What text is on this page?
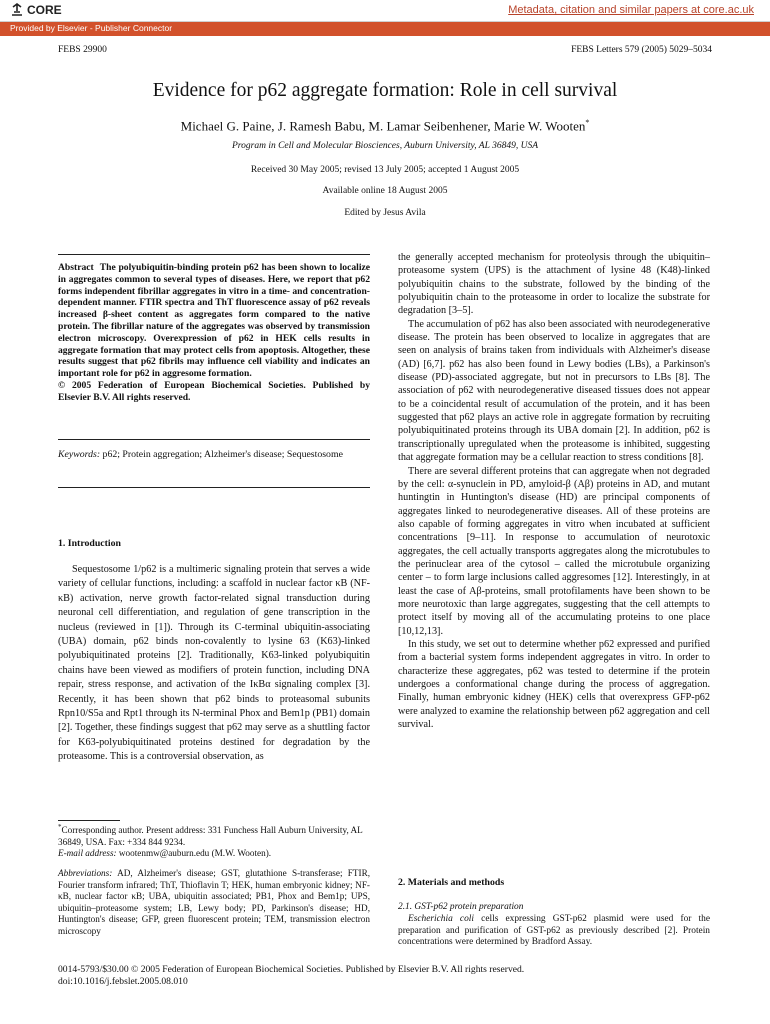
CORE	Metadata, citation and similar papers at core.ac.uk
Provided by Elsevier - Publisher Connector
FEBS 29900	FEBS Letters 579 (2005) 5029–5034
Evidence for p62 aggregate formation: Role in cell survival
Michael G. Paine, J. Ramesh Babu, M. Lamar Seibenhener, Marie W. Wooten*
Program in Cell and Molecular Biosciences, Auburn University, AL 36849, USA
Received 30 May 2005; revised 13 July 2005; accepted 1 August 2005
Available online 18 August 2005
Edited by Jesus Avila
Abstract The polyubiquitin-binding protein p62 has been shown to localize in aggregates common to several types of diseases. Here, we report that p62 forms independent fibrillar aggregates in vitro in a time- and concentration-dependent manner. FTIR spectra and ThT fluorescence assay of p62 reveals increased β-sheet content as aggregates form compared to the native protein. The fibrillar nature of the aggregates was observed by transmission electron microscopy. Overexpression of p62 in HEK cells results in aggregate formation that may protect cells from apoptosis. Altogether, these results suggest that p62 fibrils may influence cell viability and indicates an important role for p62 in aggresome formation.
© 2005 Federation of European Biochemical Societies. Published by Elsevier B.V. All rights reserved.
Keywords: p62; Protein aggregation; Alzheimer's disease; Sequestosome
1. Introduction
Sequestosome 1/p62 is a multimeric signaling protein that serves a wide variety of cellular functions, including: a scaffold in nuclear factor κB (NF-κB) activation, nerve growth factor-related signal transduction during neuronal cell differentiation, and regulation of gene transcription in the nucleus (reviewed in [1]). Through its C-terminal ubiquitin-associating (UBA) domain, p62 binds non-covalently to lysine 63 (K63)-linked polyubiquitinated proteins [2]. Traditionally, K63-linked polyubiquitin chains have been viewed as modifiers of protein function, including DNA repair, stress response, and activation of the IκBα signaling complex [3]. Recently, it has been shown that p62 binds to proteasomal subunits Rpn10/S5a and Rpt1 through its N-terminal Phox and Bem1p (PB1) domain [2]. Together, these findings suggest that p62 may serve as a shuttling factor for K63-polyubiquitinated proteins destined for degradation by the proteasome. This is a controversial observation, as
*Corresponding author. Present address: 331 Funchess Hall Auburn University, AL 36849, USA. Fax: +334 844 9234.
E-mail address: wootenmw@auburn.edu (M.W. Wooten).
Abbreviations: AD, Alzheimer's disease; GST, glutathione S-transferase; FTIR, Fourier transform infrared; ThT, Thioflavin T; HEK, human embryonic kidney; NF-κB, nuclear factor κB; UBA, ubiquitin associated; PB1, Phox and Bem1p; UPS, ubiquitin–proteasome system; LB, Lewy body; PD, Parkinson's disease; HD, Huntington's disease; GFP, green fluorescent protein; TEM, transmission electron microscopy

the generally accepted mechanism for proteolysis through the ubiquitin–proteasome system (UPS) is the attachment of lysine 48 (K48)-linked polyubiquitin chains to the substrate, followed by the binding of the polyubiquitin chain to the proteasome in order to localize the substrate for degradation [3–5].

The accumulation of p62 has also been associated with neurodegenerative disease. The protein has been observed to localize in aggregates that are seen on analysis of brains taken from individuals with Alzheimer's disease (AD) [6,7]. p62 has also been found in Lewy bodies (LBs), a Parkinson's disease (PD)-associated aggregate, but not in precursors to LBs [8]. The association of p62 with neurodegenerative diseased tissues does not appear to be a coincidental result of accumulation of the protein, and it has been suggested that p62 plays an active role in aggregate formation by recruiting polyubiquitinated proteins through its UBA domain [2]. In addition, p62 is transcriptionally upregulated when the proteasome is inhibited, suggesting that aggregate formation may be a cellular reaction to stress conditions [8].

There are several different proteins that can aggregate when not degraded by the cell: α-synuclein in PD, amyloid-β (Aβ) proteins in AD, and mutant huntingtin in Huntington's disease (HD) are principal components of aggregates linked to neurodegenerative diseases. All of these proteins are also capable of forming aggregates in vitro when incubated at sufficient concentrations [9–11]. In response to accumulation of neurotoxic aggregates, the cell actually transports aggregates along the microtubules to the perinuclear area of the cytosol – called the microtubule organizing center – to form large inclusions called aggresomes [12]. Interestingly, in at least the case of Aβ-proteins, small protofilaments have been shown to be more neurotoxic than large aggregates, suggesting that the cell attempts to protect itself by moving all of the accumulating proteins to one place [10,12,13].

In this study, we set out to determine whether p62 expressed and purified from a bacterial system forms independent aggregates in vitro. In order to characterize these aggregates, p62 was tested to determine if the protein undergoes a conformational change during the process of aggregation. Finally, human embryonic kidney (HEK) cells that overexpress GFP-p62 were analyzed to examine the relationship between p62 aggregation and cell survival.

2. Materials and methods
2.1. GST-p62 protein preparation
Escherichia coli cells expressing GST-p62 plasmid were used for the preparation and purification of GST-p62 as previously described [2]. Protein concentrations were determined by Bradford Assay.
0014-5793/$30.00 © 2005 Federation of European Biochemical Societies. Published by Elsevier B.V. All rights reserved.
doi:10.1016/j.febslet.2005.08.010
